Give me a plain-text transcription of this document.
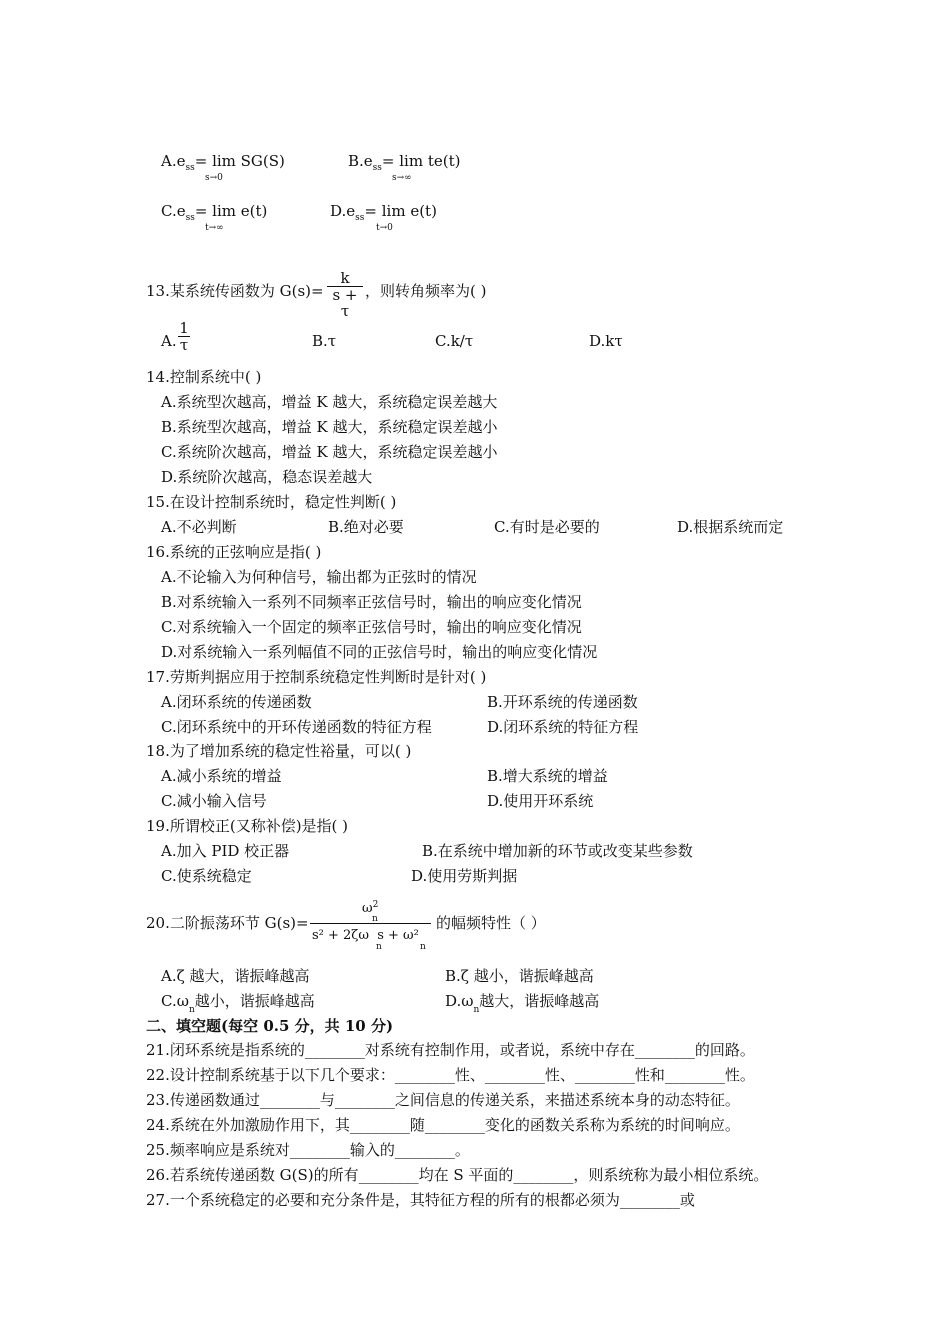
$A.e_{ss}= \lim SG(S)$
s→0
$B.e_{ss}= \lim te(t)$
s→∞
$C.e_{ss}= \lim e(t)$
t→∞
$D.e_{ss}= \lim e(t)$
t→0
13.某系统传函数为 G(s)=
k
s + τ
，则转角频率为( )
A.
1
τ	B.τ	C.k/τ	D.kτ
14.控制系统中( )
A.系统型次越高，增益 K 越大，系统稳定误差越大
B.系统型次越高，增益 K 越大，系统稳定误差越小
C.系统阶次越高，增益 K 越大，系统稳定误差越小
D.系统阶次越高，稳态误差越大
15.在设计控制系统时，稳定性判断( )
A.不必判断	B.绝对必要	C.有时是必要的	D.根据系统而定
16.系统的正弦响应是指( )
A.不论输入为何种信号，输出都为正弦时的情况
B.对系统输入一系列不同频率正弦信号时，输出的响应变化情况
C.对系统输入一个固定的频率正弦信号时，输出的响应变化情况
D.对系统输入一系列幅值不同的正弦信号时，输出的响应变化情况
17.劳斯判据应用于控制系统稳定性判断时是针对( )
A.闭环系统的传递函数	B.开环系统的传递函数
C.闭环系统中的开环传递函数的特征方程	D.闭环系统的特征方程
18.为了增加系统的稳定性裕量，可以( )
A.减小系统的增益	B.增大系统的增益
C.减小输入信号	D.使用开环系统
19.所谓校正(又称补偿)是指( )
A.加入 PID 校正器	B.在系统中增加新的环节或改变某些参数
C.使系统稳定	D.使用劳斯判据
20.二阶振荡环节 G(s)=
$\omega^2$
n
s² + 2ζω  s + ω²
n	n
的幅频特性（ ）
A.ζ 越大，谐振峰越高	B.ζ 越小，谐振峰越高
$C.\omega_n$越小，谐振峰越高	$D.\omega_n$越大，谐振峰越高
二、填空题(每空 0.5 分，共 10 分)
21.闭环系统是指系统的________对系统有控制作用，或者说，系统中存在________的回路。
22.设计控制系统基于以下几个要求：________性、________性、________性和________性。
23.传递函数通过________与________之间信息的传递关系，来描述系统本身的动态特征。
24.系统在外加激励作用下，其________随________变化的函数关系称为系统的时间响应。
25.频率响应是系统对________输入的________。
26.若系统传递函数 G(S)的所有________均在 S 平面的________，则系统称为最小相位系统。
27.一个系统稳定的必要和充分条件是，其特征方程的所有的根都必须为________或
